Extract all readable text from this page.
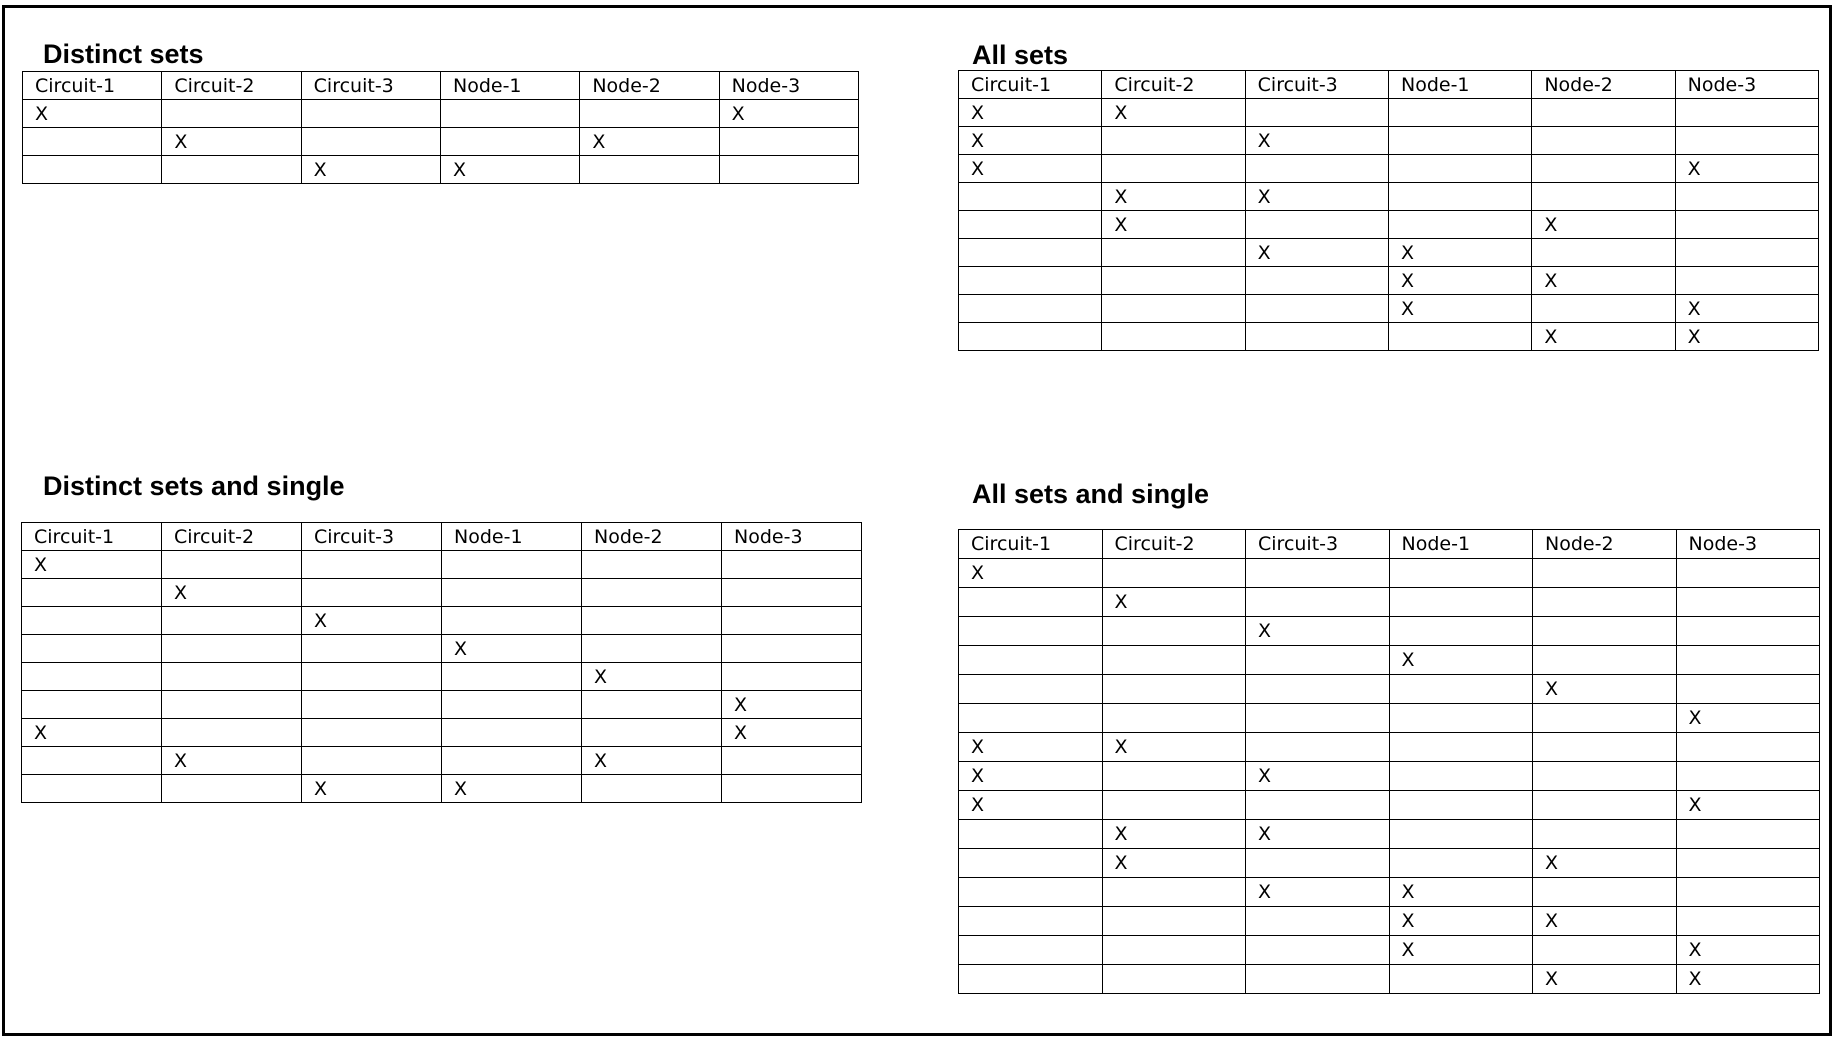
Distinct sets
Circuit-1	Circuit-2	Circuit-3	Node-1	Node-2	Node-3
X					X
	X			X	
		X	X		
All sets
Circuit-1	Circuit-2	Circuit-3	Node-1	Node-2	Node-3
X	X				
X		X			
X					X
	X	X			
	X			X	
		X	X		
			X	X	
			X		X
				X	X
Distinct sets and single
Circuit-1	Circuit-2	Circuit-3	Node-1	Node-2	Node-3
X					
	X				
		X			
			X		
				X	
					X
X					X
	X			X	
		X	X		
All sets and single
Circuit-1	Circuit-2	Circuit-3	Node-1	Node-2	Node-3
X					
	X				
		X			
			X		
				X	
					X
X	X				
X		X			
X					X
	X	X			
	X			X	
		X	X		
			X	X	
			X		X
				X	X
